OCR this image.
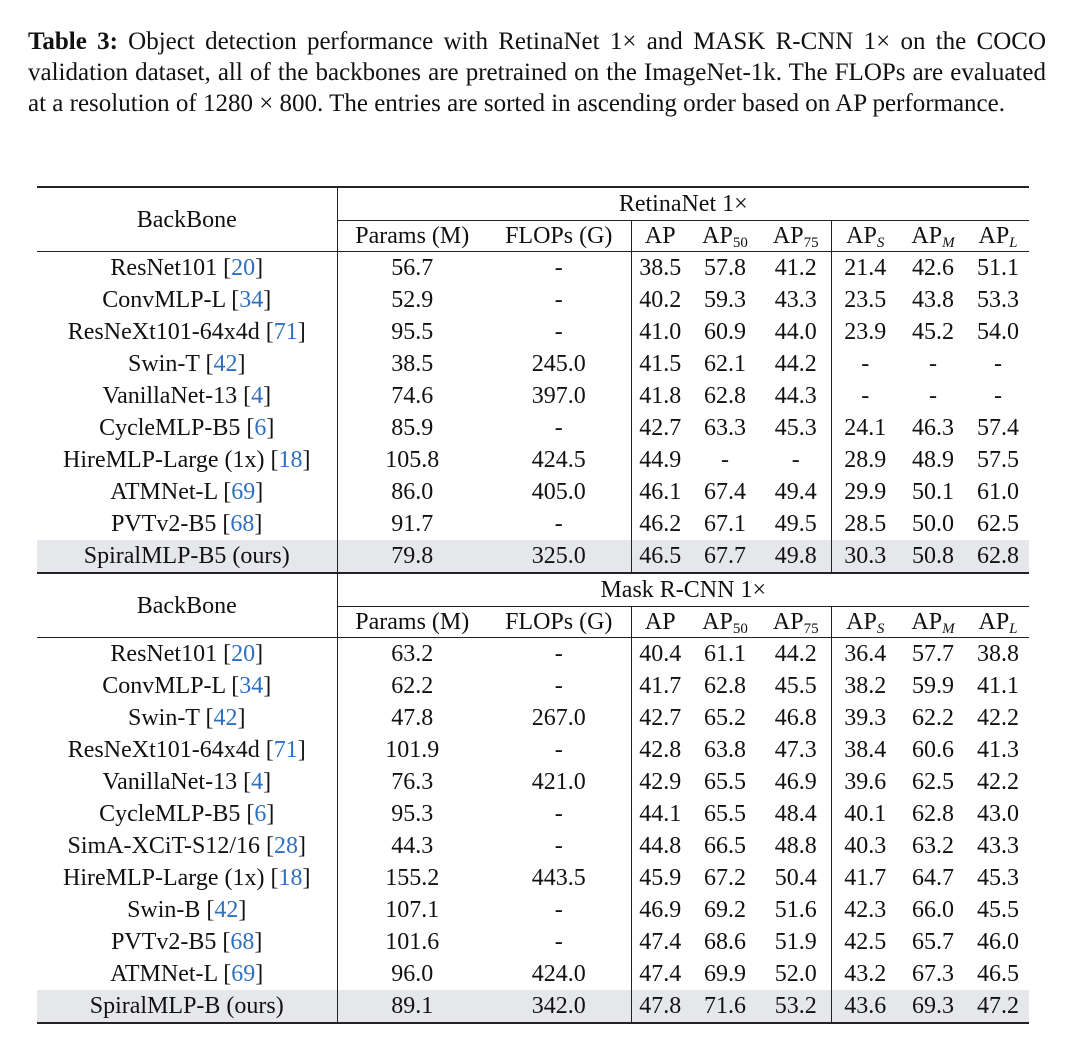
Table 3: Object detection performance with RetinaNet 1× and MASK R-CNN 1× on the COCO validation dataset, all of the backbones are pretrained on the ImageNet-1k. The FLOPs are evaluated at a resolution of 1280 × 800. The entries are sorted in ascending order based on AP performance.
BackBone	RetinaNet 1×							
	Params (M)	FLOPs (G)	AP	$AP_{50}$	$AP_{75}$	$AP_S$	$AP_M$	$AP_L$
ResNet101 [20]	56.7	-	38.5	57.8	41.2	21.4	42.6	51.1
ConvMLP-L [34]	52.9	-	40.2	59.3	43.3	23.5	43.8	53.3
ResNeXt101-64x4d [71]	95.5	-	41.0	60.9	44.0	23.9	45.2	54.0
Swin-T [42]	38.5	245.0	41.5	62.1	44.2	-	-	-
VanillaNet-13 [4]	74.6	397.0	41.8	62.8	44.3	-	-	-
CycleMLP-B5 [6]	85.9	-	42.7	63.3	45.3	24.1	46.3	57.4
HireMLP-Large (1x) [18]	105.8	424.5	44.9	-	-	28.9	48.9	57.5
ATMNet-L [69]	86.0	405.0	46.1	67.4	49.4	29.9	50.1	61.0
PVTv2-B5 [68]	91.7	-	46.2	67.1	49.5	28.5	50.0	62.5
SpiralMLP-B5 (ours)	79.8	325.0	46.5	67.7	49.8	30.3	50.8	62.8
BackBone	Mask R-CNN 1×							
	Params (M)	FLOPs (G)	AP	$AP_{50}$	$AP_{75}$	$AP_S$	$AP_M$	$AP_L$
ResNet101 [20]	63.2	-	40.4	61.1	44.2	36.4	57.7	38.8
ConvMLP-L [34]	62.2	-	41.7	62.8	45.5	38.2	59.9	41.1
Swin-T [42]	47.8	267.0	42.7	65.2	46.8	39.3	62.2	42.2
ResNeXt101-64x4d [71]	101.9	-	42.8	63.8	47.3	38.4	60.6	41.3
VanillaNet-13 [4]	76.3	421.0	42.9	65.5	46.9	39.6	62.5	42.2
CycleMLP-B5 [6]	95.3	-	44.1	65.5	48.4	40.1	62.8	43.0
SimA-XCiT-S12/16 [28]	44.3	-	44.8	66.5	48.8	40.3	63.2	43.3
HireMLP-Large (1x) [18]	155.2	443.5	45.9	67.2	50.4	41.7	64.7	45.3
Swin-B [42]	107.1	-	46.9	69.2	51.6	42.3	66.0	45.5
PVTv2-B5 [68]	101.6	-	47.4	68.6	51.9	42.5	65.7	46.0
ATMNet-L [69]	96.0	424.0	47.4	69.9	52.0	43.2	67.3	46.5
SpiralMLP-B (ours)	89.1	342.0	47.8	71.6	53.2	43.6	69.3	47.2
